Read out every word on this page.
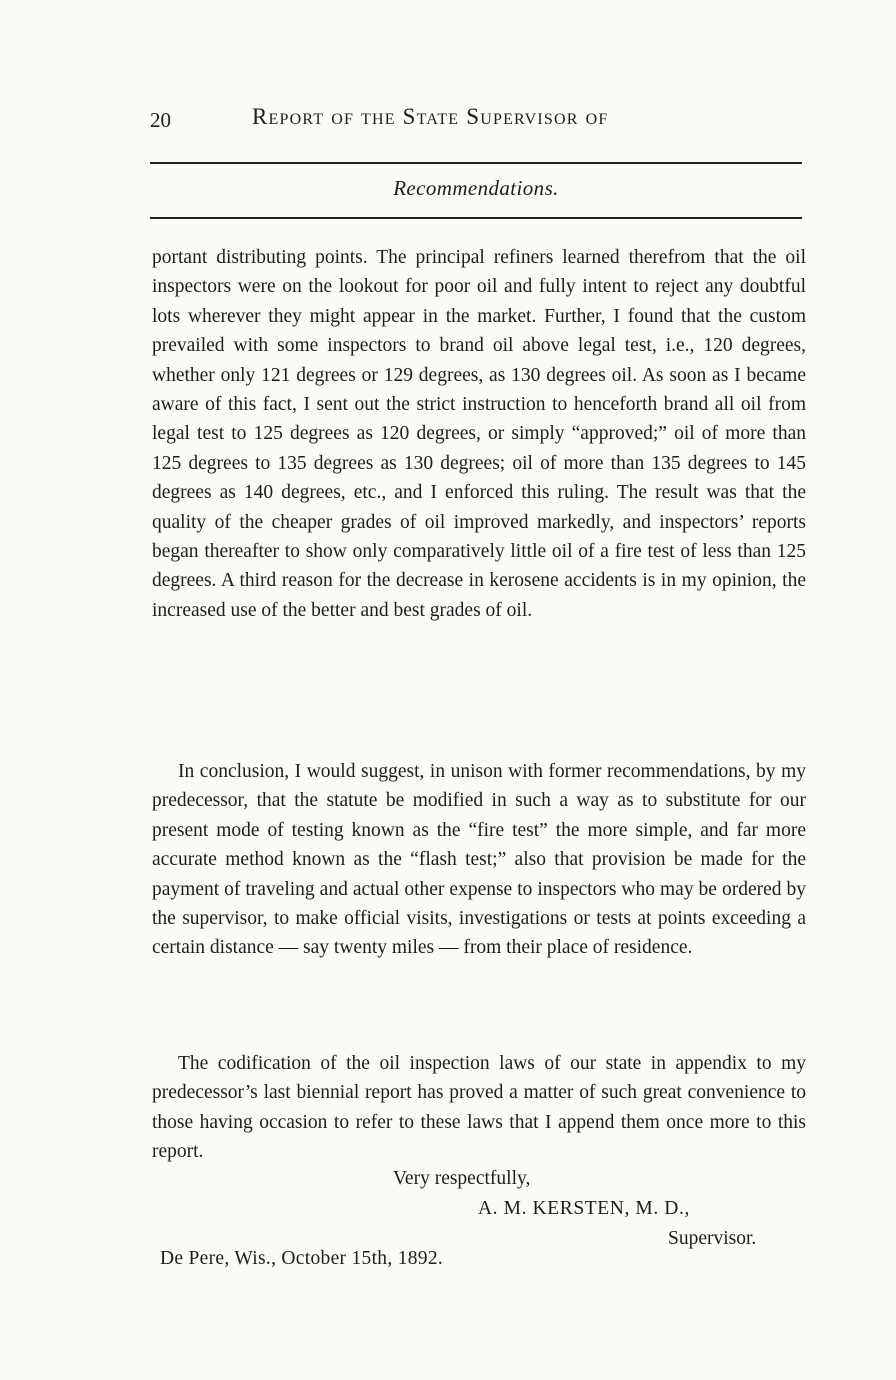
20	Report of the State Supervisor of
Recommendations.

portant distributing points. The principal refiners learned therefrom that the oil inspectors were on the lookout for poor oil and fully intent to reject any doubtful lots wherever they might appear in the market. Further, I found that the custom prevailed with some inspectors to brand oil above legal test, i.e., 120 degrees, whether only 121 degrees or 129 degrees, as 130 degrees oil. As soon as I became aware of this fact, I sent out the strict instruction to henceforth brand all oil from legal test to 125 degrees as 120 degrees, or simply “approved;” oil of more than 125 degrees to 135 degrees as 130 degrees; oil of more than 135 degrees to 145 degrees as 140 degrees, etc., and I enforced this ruling. The result was that the quality of the cheaper grades of oil improved markedly, and inspectors’ reports began thereafter to show only comparatively little oil of a fire test of less than 125 degrees. A third reason for the decrease in kerosene accidents is in my opinion, the increased use of the better and best grades of oil.

In conclusion, I would suggest, in unison with former recommendations, by my predecessor, that the statute be modified in such a way as to substitute for our present mode of testing known as the “fire test” the more simple, and far more accurate method known as the “flash test;” also that provision be made for the payment of traveling and actual other expense to inspectors who may be ordered by the supervisor, to make official visits, investigations or tests at points exceeding a certain distance — say twenty miles — from their place of residence.

The codification of the oil inspection laws of our state in appendix to my predecessor’s last biennial report has proved a matter of such great convenience to those having occasion to refer to these laws that I append them once more to this report.

Very respectfully,
A. M. KERSTEN, M. D.,
Supervisor.
De Pere, Wis., October 15th, 1892.
